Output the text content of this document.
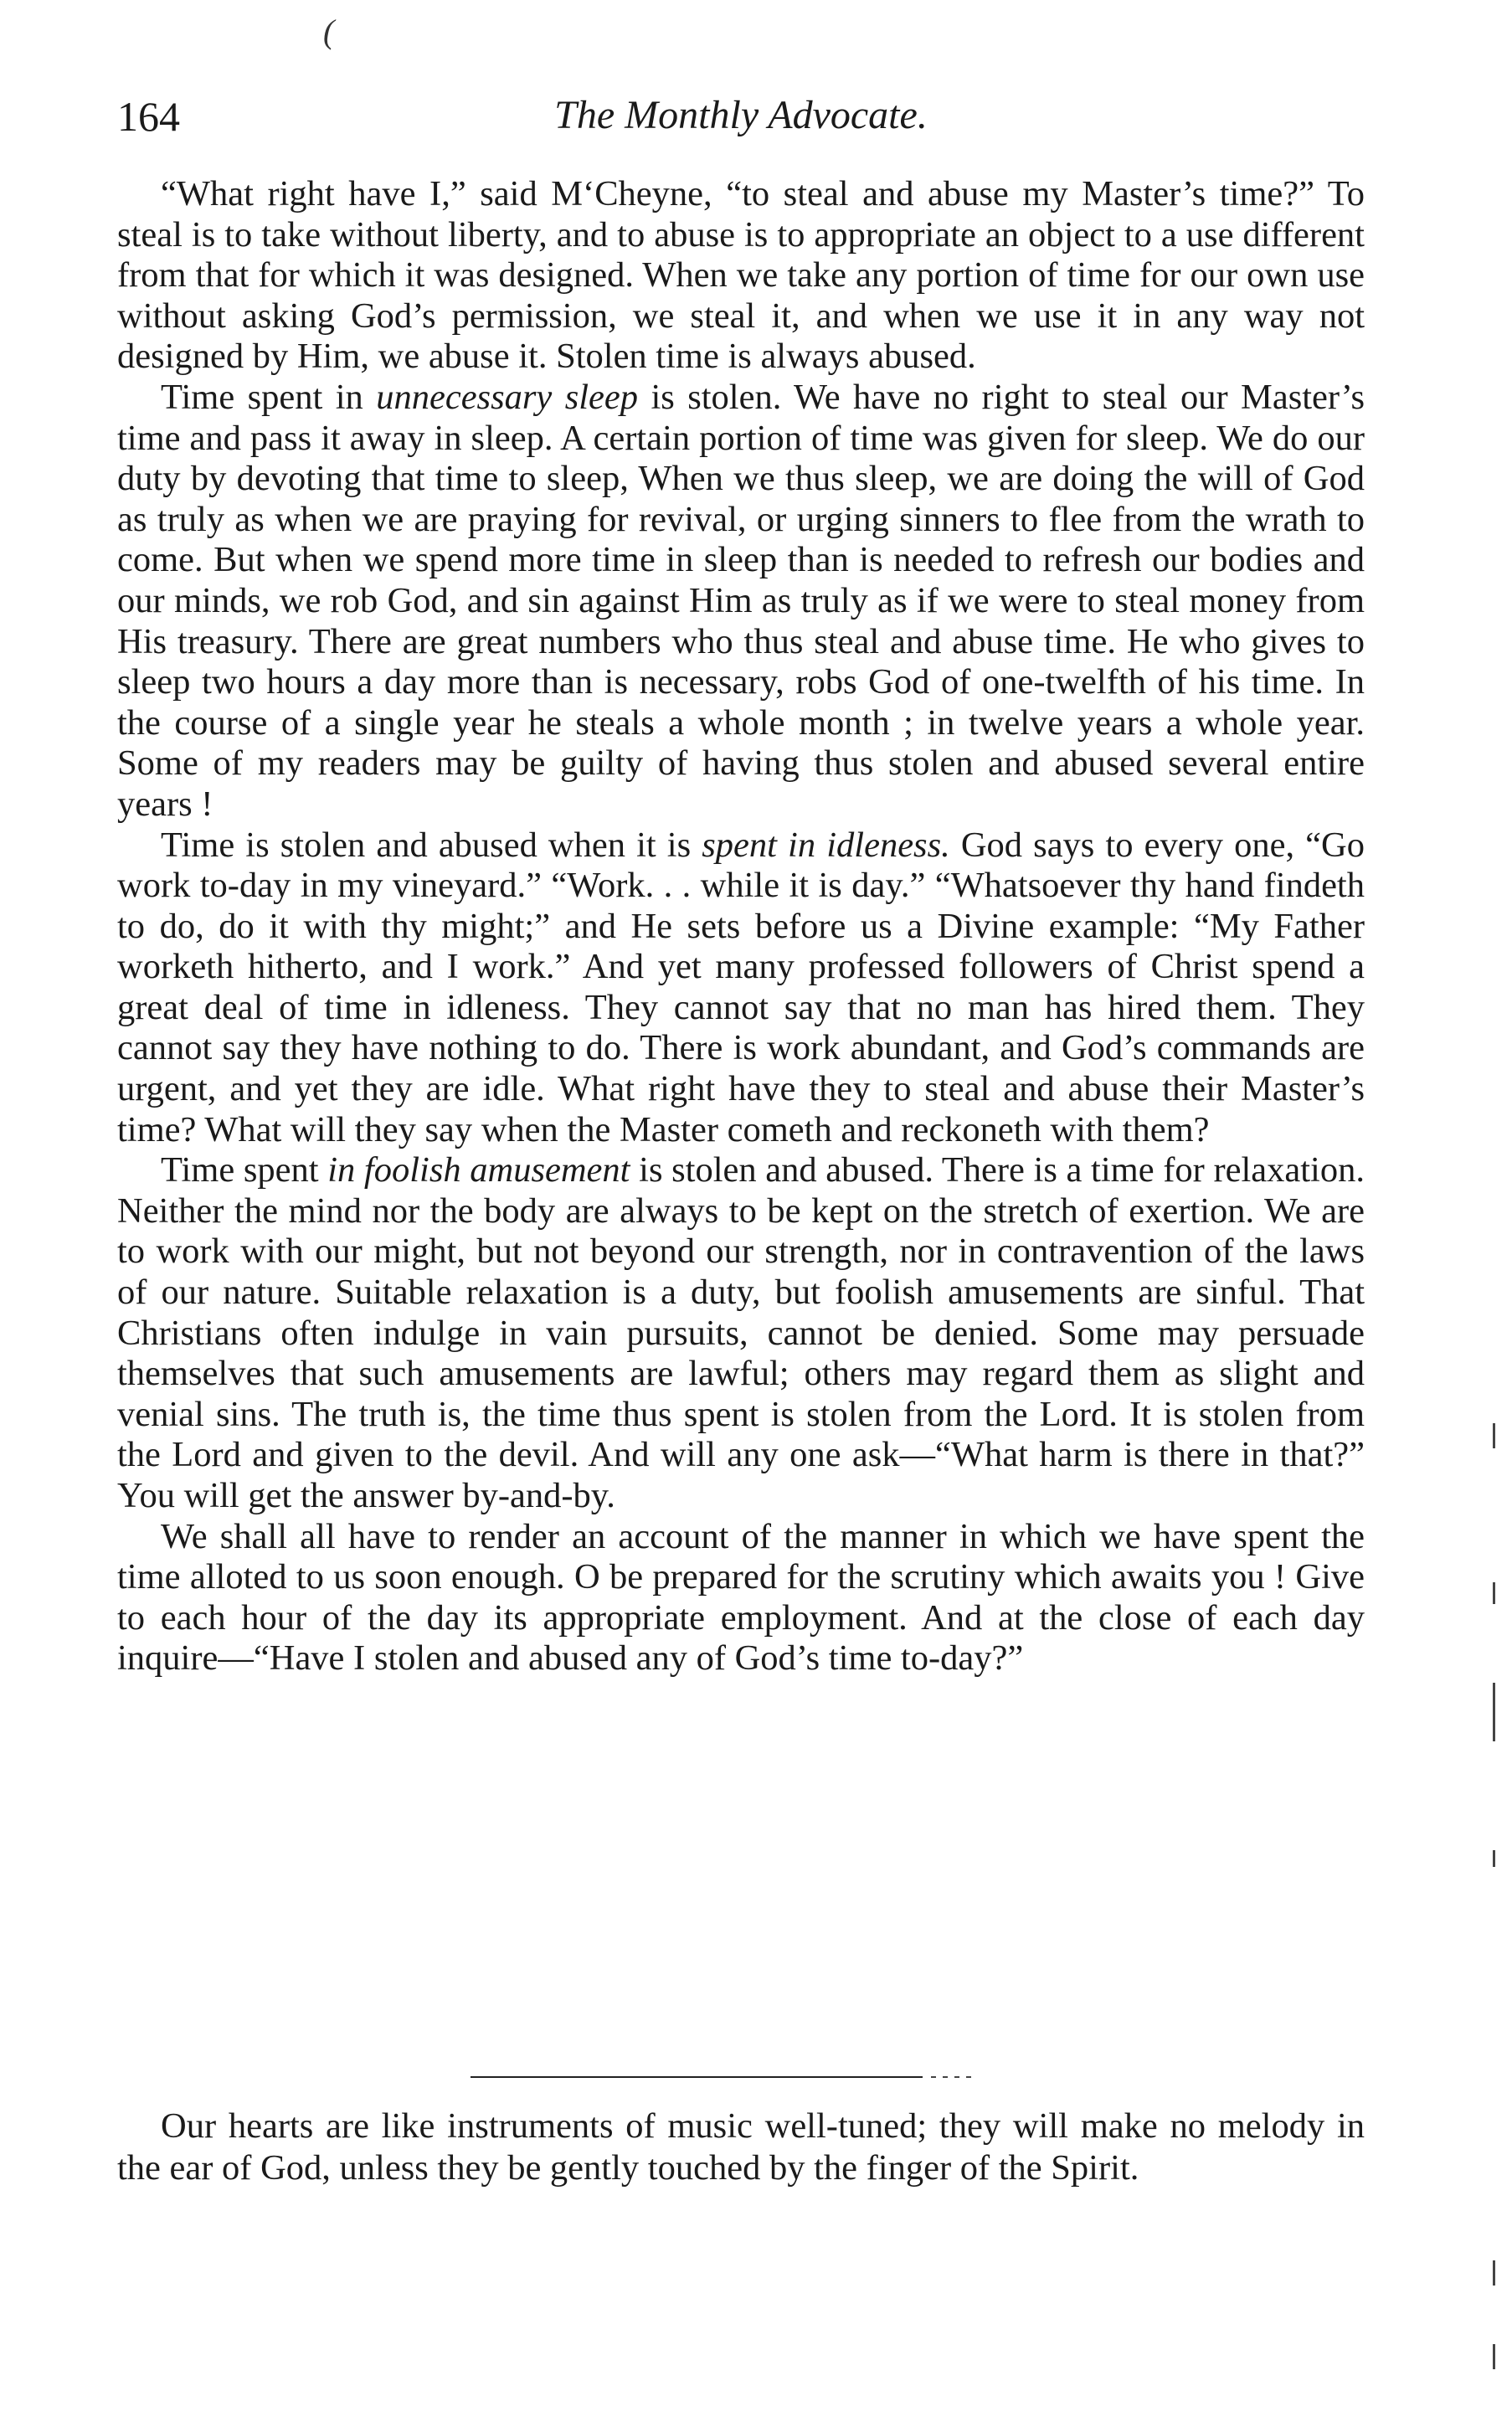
(
164	The Monthly Advocate.

“What right have I,” said M‘Cheyne, “to steal and abuse my Master’s time?” To steal is to take without liberty, and to abuse is to appropriate an object to a use different from that for which it was designed. When we take any portion of time for our own use without asking God’s permission, we steal it, and when we use it in any way not designed by Him, we abuse it. Stolen time is always abused.

Time spent in unnecessary sleep is stolen. We have no right to steal our Master’s time and pass it away in sleep. A certain portion of time was given for sleep. We do our duty by devoting that time to sleep, When we thus sleep, we are doing the will of God as truly as when we are praying for revival, or urging sinners to flee from the wrath to come. But when we spend more time in sleep than is needed to refresh our bodies and our minds, we rob God, and sin against Him as truly as if we were to steal money from His treasury. There are great numbers who thus steal and abuse time. He who gives to sleep two hours a day more than is necessary, robs God of one-twelfth of his time. In the course of a single year he steals a whole month ; in twelve years a whole year. Some of my readers may be guilty of having thus stolen and abused several entire years !

Time is stolen and abused when it is spent in idleness. God says to every one, “Go work to-day in my vineyard.” “Work. . . while it is day.” “Whatsoever thy hand findeth to do, do it with thy might;” and He sets before us a Divine example: “My Father worketh hitherto, and I work.” And yet many professed followers of Christ spend a great deal of time in idleness. They cannot say that no man has hired them. They cannot say they have nothing to do. There is work abundant, and God’s commands are urgent, and yet they are idle. What right have they to steal and abuse their Master’s time? What will they say when the Master cometh and reckoneth with them?

Time spent in foolish amusement is stolen and abused. There is a time for relaxation. Neither the mind nor the body are always to be kept on the stretch of exertion. We are to work with our might, but not beyond our strength, nor in contravention of the laws of our nature. Suitable relaxation is a duty, but foolish amusements are sinful. That Christians often indulge in vain pursuits, cannot be denied. Some may persuade themselves that such amusements are lawful; others may regard them as slight and venial sins. The truth is, the time thus spent is stolen from the Lord. It is stolen from the Lord and given to the devil. And will any one ask—“What harm is there in that?” You will get the answer by-and-by.

We shall all have to render an account of the manner in which we have spent the time alloted to us soon enough. O be prepared for the scrutiny which awaits you ! Give to each hour of the day its appropriate employment. And at the close of each day inquire—“Have I stolen and abused any of God’s time to-day?”

Our hearts are like instruments of music well-tuned; they will make no melody in the ear of God, unless they be gently touched by the finger of the Spirit.
